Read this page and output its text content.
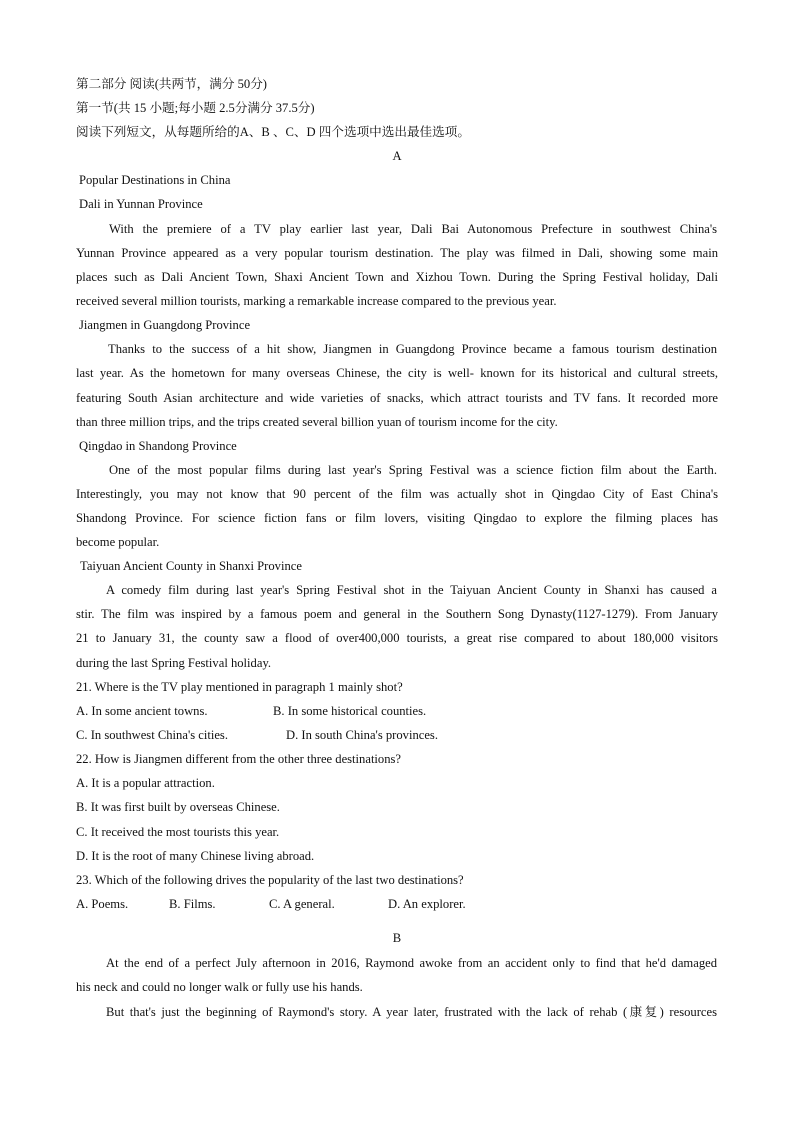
第二部分 阅读(共两节，满分 50分)
第一节(共 15 小题;每小题 2.5分满分 37.5分)
阅读下列短文，从每题所给的A、B 、C、D 四个选项中选出最佳选项。
A
Popular Destinations in China
Dali in Yunnan Province
With the premiere of a TV play earlier last year, Dali Bai Autonomous Prefecture in southwest China's
Yunnan Province appeared as a very popular tourism destination. The play was filmed in Dali, showing some main
places such as Dali Ancient Town, Shaxi Ancient Town and Xizhou Town. During the Spring Festival holiday, Dali
received several million tourists, marking a remarkable increase compared to the previous year.
Jiangmen in Guangdong Province
Thanks to the success of a hit show, Jiangmen in Guangdong Province became a famous tourism destination
last year. As the hometown for many overseas Chinese, the city is well- known for its historical and cultural streets,
featuring South Asian architecture and wide varieties of snacks, which attract tourists and TV fans. It recorded more
than three million trips, and the trips created several billion yuan of tourism income for the city.
Qingdao in Shandong Province
One of the most popular films during last year's Spring Festival was a science fiction film about the Earth.
Interestingly, you may not know that 90 percent of the film was actually shot in Qingdao City of East China's
Shandong Province. For science fiction fans or film lovers, visiting Qingdao to explore the filming places has
become popular.
Taiyuan Ancient County in Shanxi Province
A comedy film during last year's Spring Festival shot in the Taiyuan Ancient County in Shanxi has caused a
stir. The film was inspired by a famous poem and general in the Southern Song Dynasty(1127-1279). From January
21 to January 31, the county saw a flood of over400,000 tourists, a great rise compared to about 180,000 visitors
during the last Spring Festival holiday.
21. Where is the TV play mentioned in paragraph 1 mainly shot?
A. In some ancient towns.	B. In some historical counties.
C. In southwest China's cities.	D. In south China's provinces.
22. How is Jiangmen different from the other three destinations?
A. It is a popular attraction.
B. It was first built by overseas Chinese.
C. It received the most tourists this year.
D. It is the root of many Chinese living abroad.
23. Which of the following drives the popularity of the last two destinations?
A. Poems.	B. Films.	C. A general.	D. An explorer.
B
At the end of a perfect July afternoon in 2016, Raymond awoke from an accident only to find that he'd damaged
his neck and could no longer walk or fully use his hands.
But that's just the beginning of Raymond's story. A year later, frustrated with the lack of rehab (康复) resources
